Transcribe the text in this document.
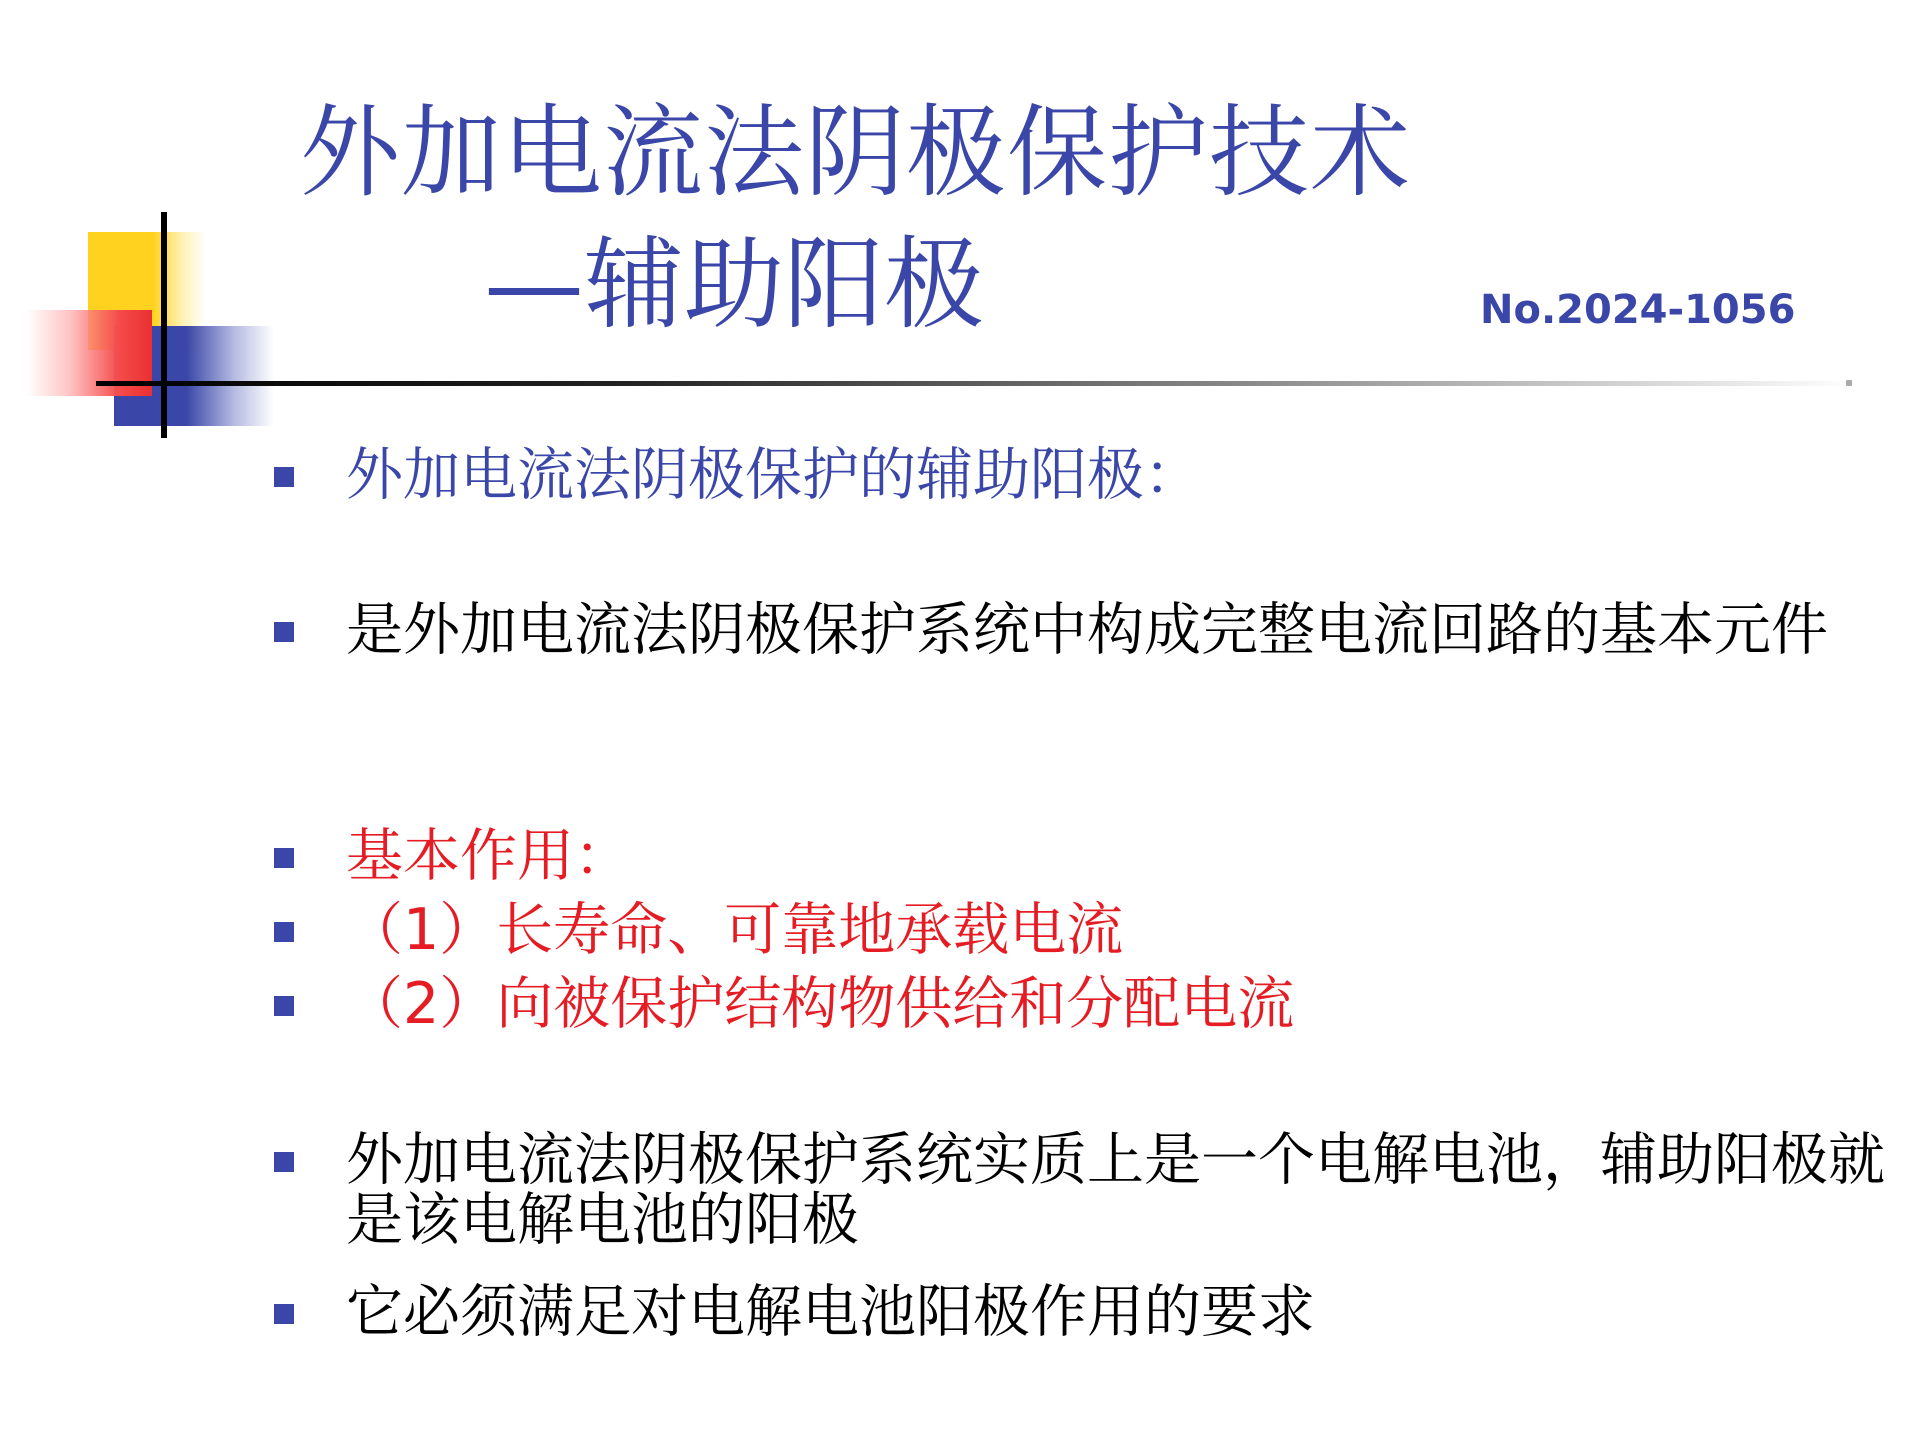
外加电流法阴极保护技术
—辅助阳极	No.2024-1056
外加电流法阴极保护的辅助阳极：
是外加电流法阴极保护系统中构成完整电流回路的基本元件
基本作用：
（1）长寿命、可靠地承载电流
（2）向被保护结构物供给和分配电流
外加电流法阴极保护系统实质上是一个电解电池，辅助阳极就是该电解电池的阳极
它必须满足对电解电池阳极作用的要求
